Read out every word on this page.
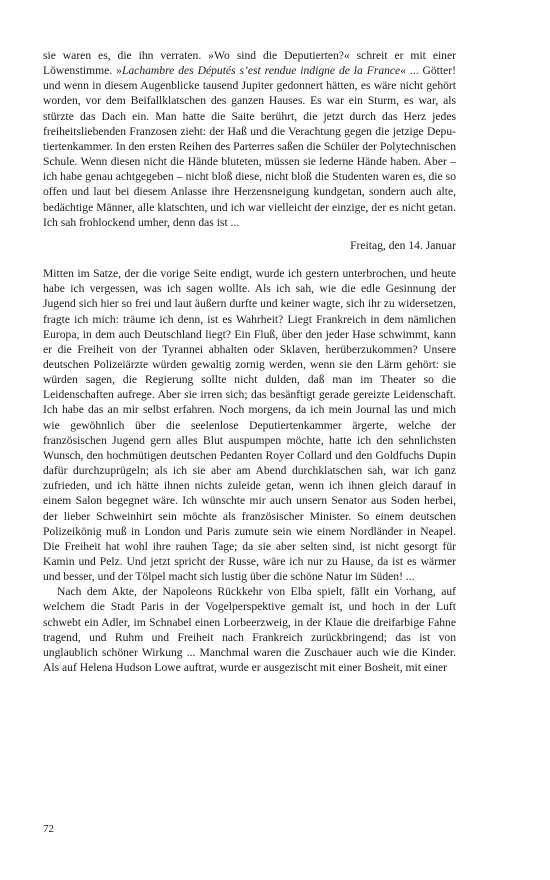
sie waren es, die ihn verraten. »Wo sind die Deputierten?« schreit er mit einer Löwenstimme. »Lachambre des Députés s’est rendue indigne de la France« ... Götter! und wenn in diesem Augenblicke tausend Jupiter gedonnert hätten, es wäre nicht gehört worden, vor dem Beifallklatschen des ganzen Hauses. Es war ein Sturm, es war, als stürzte das Dach ein. Man hatte die Saite berührt, die jetzt durch das Herz jedes freiheitsliebenden Franzosen zieht: der Haß und die Verachtung gegen die jetzige Deputiertenkammer. In den ersten Reihen des Parterres saßen die Schüler der Polytechnischen Schule. Wenn diesen nicht die Hände bluteten, müssen sie lederne Hände haben. Aber – ich habe genau achtgegeben – nicht bloß diese, nicht bloß die Studenten waren es, die so offen und laut bei diesem Anlasse ihre Herzensneigung kundgetan, sondern auch alte, bedächtige Männer, alle klatschten, und ich war vielleicht der einzige, der es nicht getan. Ich sah frohlockend umher, denn das ist ...

Freitag, den 14. Januar

Mitten im Satze, der die vorige Seite endigt, wurde ich gestern unterbrochen, und heute habe ich vergessen, was ich sagen wollte. Als ich sah, wie die edle Gesinnung der Jugend sich hier so frei und laut äußern durfte und keiner wagte, sich ihr zu widersetzen, fragte ich mich: träume ich denn, ist es Wahrheit? Liegt Frankreich in dem nämlichen Europa, in dem auch Deutschland liegt? Ein Fluß, über den jeder Hase schwimmt, kann er die Freiheit von der Tyrannei abhalten oder Sklaven, herüberzukommen? Unsere deutschen Polizeiärzte würden gewaltig zornig werden, wenn sie den Lärm gehört: sie würden sagen, die Regierung sollte nicht dulden, daß man im Theater so die Leidenschaften aufrege. Aber sie irren sich; das besänftigt gerade gereizte Leidenschaft. Ich habe das an mir selbst erfahren. Noch morgens, da ich mein Journal las und mich wie gewöhnlich über die seelenlose Deputiertenkammer ärgerte, welche der französischen Jugend gern alles Blut auspumpen möchte, hatte ich den sehnlichsten Wunsch, den hochmütigen deutschen Pedanten Royer Collard und den Goldfuchs Dupin dafür durchzuprügeln; als ich sie aber am Abend durchklatschen sah, war ich ganz zufrieden, und ich hätte ihnen nichts zuleide getan, wenn ich ihnen gleich darauf in einem Salon begegnet wäre. Ich wünschte mir auch unsern Senator aus Soden herbei, der lieber Schweinhirt sein möchte als französischer Minister. So einem deutschen Polizeikönig muß in London und Paris zumute sein wie einem Nordländer in Neapel. Die Freiheit hat wohl ihre rauhen Tage; da sie aber selten sind, ist nicht gesorgt für Kamin und Pelz. Und jetzt spricht der Russe, wäre ich nur zu Hause, da ist es wärmer und besser, und der Tölpel macht sich lustig über die schöne Natur im Süden! ...

Nach dem Akte, der Napoleons Rückkehr von Elba spielt, fällt ein Vorhang, auf welchem die Stadt Paris in der Vogelperspektive gemalt ist, und hoch in der Luft schwebt ein Adler, im Schnabel einen Lorbeerzweig, in der Klaue die dreifarbige Fahne tragend, und Ruhm und Freiheit nach Frankreich zurückbringend; das ist von unglaublich schöner Wirkung ... Manchmal waren die Zuschauer auch wie die Kinder. Als auf Helena Hudson Lowe auftrat, wurde er ausgezischt mit einer Bosheit, mit einer

72
